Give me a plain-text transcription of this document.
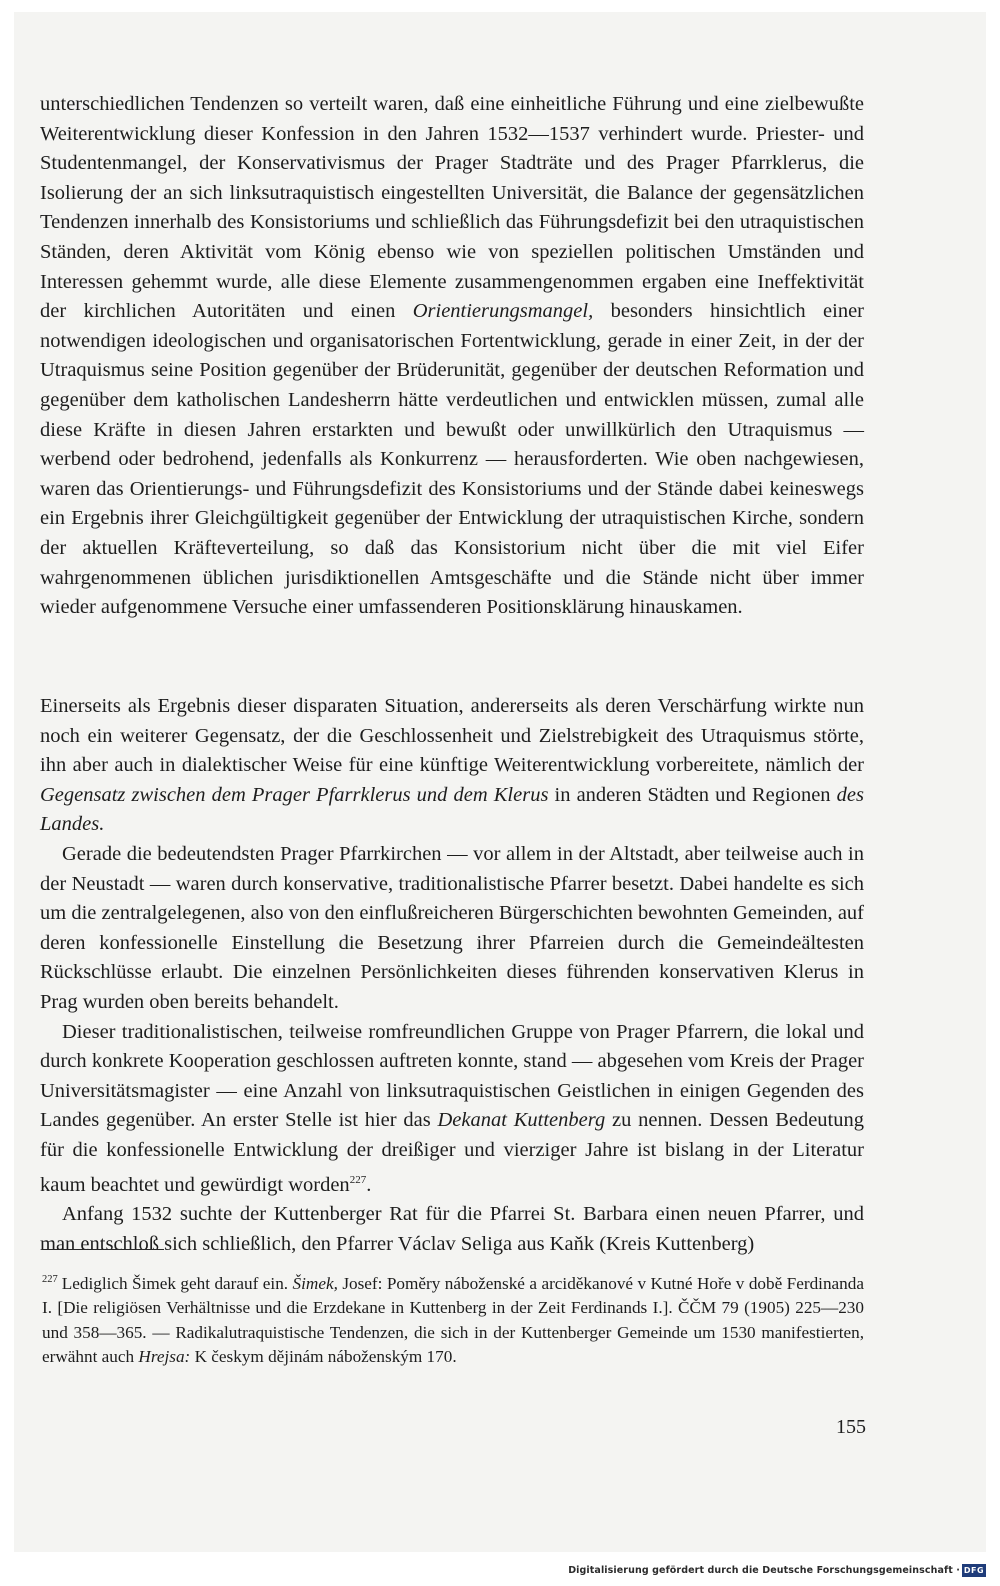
unterschiedlichen Tendenzen so verteilt waren, daß eine einheitliche Führung und eine zielbewußte Weiterentwicklung dieser Konfession in den Jahren 1532—1537 verhindert wurde. Priester- und Studentenmangel, der Konservativismus der Prager Stadträte und des Prager Pfarrklerus, die Isolierung der an sich linksutraquistisch eingestellten Universität, die Balance der gegensätzlichen Tendenzen innerhalb des Konsistoriums und schließlich das Führungsdefizit bei den utraquistischen Ständen, deren Aktivität vom König ebenso wie von speziellen politischen Umständen und Interessen gehemmt wurde, alle diese Elemente zusammengenommen ergaben eine Ineffektivität der kirchlichen Autoritäten und einen Orientierungsmangel, besonders hinsichtlich einer notwendigen ideologischen und organisatorischen Fortentwicklung, gerade in einer Zeit, in der der Utraquismus seine Position gegenüber der Brüderunität, gegenüber der deutschen Reformation und gegenüber dem katholischen Landesherrn hätte verdeutlichen und entwicklen müssen, zumal alle diese Kräfte in diesen Jahren erstarkten und bewußt oder unwillkürlich den Utraquismus — werbend oder bedrohend, jedenfalls als Konkurrenz — herausforderten. Wie oben nachgewiesen, waren das Orientierungs- und Führungsdefizit des Konsistoriums und der Stände dabei keineswegs ein Ergebnis ihrer Gleichgültigkeit gegenüber der Entwicklung der utraquistischen Kirche, sondern der aktuellen Kräfteverteilung, so daß das Konsistorium nicht über die mit viel Eifer wahrgenommenen üblichen jurisdiktionellen Amtsgeschäfte und die Stände nicht über immer wieder aufgenommene Versuche einer umfassenderen Positionsklärung hinauskamen.

Einerseits als Ergebnis dieser disparaten Situation, andererseits als deren Verschärfung wirkte nun noch ein weiterer Gegensatz, der die Geschlossenheit und Zielstrebigkeit des Utraquismus störte, ihn aber auch in dialektischer Weise für eine künftige Weiterentwicklung vorbereitete, nämlich der Gegensatz zwischen dem Prager Pfarrklerus und dem Klerus in anderen Städten und Regionen des Landes.

Gerade die bedeutendsten Prager Pfarrkirchen — vor allem in der Altstadt, aber teilweise auch in der Neustadt — waren durch konservative, traditionalistische Pfarrer besetzt. Dabei handelte es sich um die zentralgelegenen, also von den einflußreicheren Bürgerschichten bewohnten Gemeinden, auf deren konfessionelle Einstellung die Besetzung ihrer Pfarreien durch die Gemeindeältesten Rückschlüsse erlaubt. Die einzelnen Persönlichkeiten dieses führenden konservativen Klerus in Prag wurden oben bereits behandelt.

Dieser traditionalistischen, teilweise romfreundlichen Gruppe von Prager Pfarrern, die lokal und durch konkrete Kooperation geschlossen auftreten konnte, stand — abgesehen vom Kreis der Prager Universitätsmagister — eine Anzahl von linksutraquistischen Geistlichen in einigen Gegenden des Landes gegenüber. An erster Stelle ist hier das Dekanat Kuttenberg zu nennen. Dessen Bedeutung für die konfessionelle Entwicklung der dreißiger und vierziger Jahre ist bislang in der Literatur kaum beachtet und gewürdigt worden$^{227}$.

Anfang 1532 suchte der Kuttenberger Rat für die Pfarrei St. Barbara einen neuen Pfarrer, und man entschloß sich schließlich, den Pfarrer Václav Seliga aus Kaňk (Kreis Kuttenberg)

$^{227}$ Lediglich Šimek geht darauf ein. Šimek, Josef: Poměry náboženské a arciděkanové v Kutné Hoře v době Ferdinanda I. [Die religiösen Verhältnisse und die Erzdekane in Kuttenberg in der Zeit Ferdinands I.]. ČČM 79 (1905) 225—230 und 358—365. — Radikalutraquistische Tendenzen, die sich in der Kuttenberger Gemeinde um 1530 manifestierten, erwähnt auch Hrejsa: K českym dějinám náboženským 170.
155
Digitalisierung gefördert durch die Deutsche Forschungsgemeinschaft · DFG
